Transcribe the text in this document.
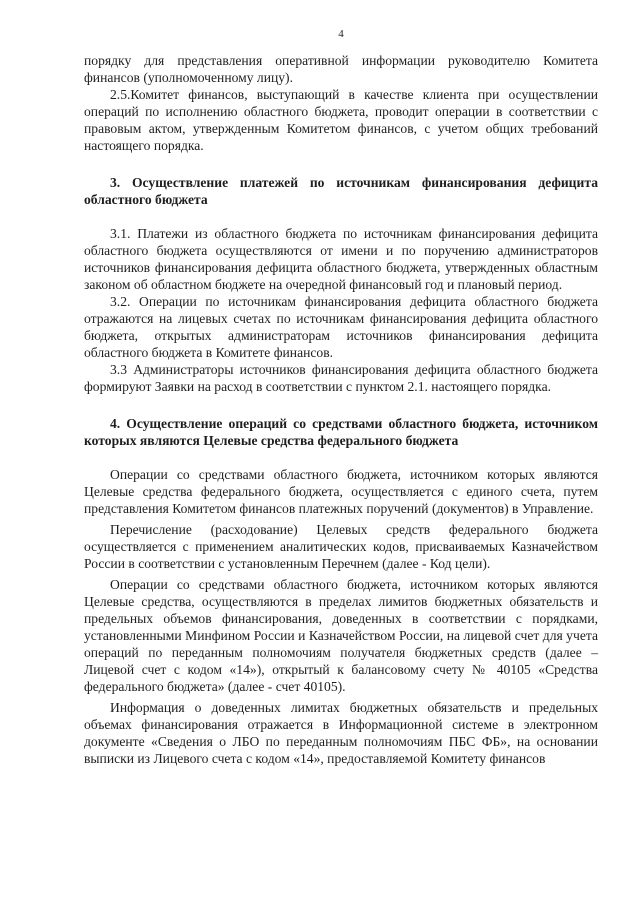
4

порядку для представления оперативной информации руководителю Комитета финансов (уполномоченному лицу).

2.5.Комитет финансов, выступающий в качестве клиента при осуществлении операций по исполнению областного бюджета, проводит операции в соответствии с правовым актом, утвержденным Комитетом финансов, с учетом общих требований настоящего порядка.

3. Осуществление платежей по источникам финансирования дефицита областного бюджета

3.1. Платежи из областного бюджета по источникам финансирования дефицита областного бюджета осуществляются от имени и по поручению администраторов источников финансирования дефицита областного бюджета, утвержденных областным законом об областном бюджете на очередной финансовый год и плановый период.

3.2. Операции по источникам финансирования дефицита областного бюджета отражаются на лицевых счетах по источникам финансирования дефицита областного бюджета, открытых администраторам источников финансирования дефицита областного бюджета в Комитете финансов.

3.3 Администраторы источников финансирования дефицита областного бюджета формируют Заявки на расход в соответствии с пунктом 2.1. настоящего порядка.

4. Осуществление операций со средствами областного бюджета, источником которых являются Целевые средства федерального бюджета

Операции со средствами областного бюджета, источником которых являются Целевые средства федерального бюджета, осуществляется с единого счета, путем представления Комитетом финансов платежных поручений (документов) в Управление.

Перечисление (расходование) Целевых средств федерального бюджета осуществляется с применением аналитических кодов, присваиваемых Казначейством России в соответствии с установленным Перечнем (далее - Код цели).

Операции со средствами областного бюджета, источником которых являются Целевые средства, осуществляются в пределах лимитов бюджетных обязательств и предельных объемов финансирования, доведенных в соответствии с порядками, установленными Минфином России и Казначейством России, на лицевой счет для учета операций по переданным полномочиям получателя бюджетных средств (далее – Лицевой счет с кодом «14»), открытый к балансовому счету № 40105 «Средства федерального бюджета» (далее - счет 40105).

Информация о доведенных лимитах бюджетных обязательств и предельных объемах финансирования отражается в Информационной системе в электронном документе «Сведения о ЛБО по переданным полномочиям ПБС ФБ», на основании выписки из Лицевого счета с кодом «14», предоставляемой Комитету финансов
